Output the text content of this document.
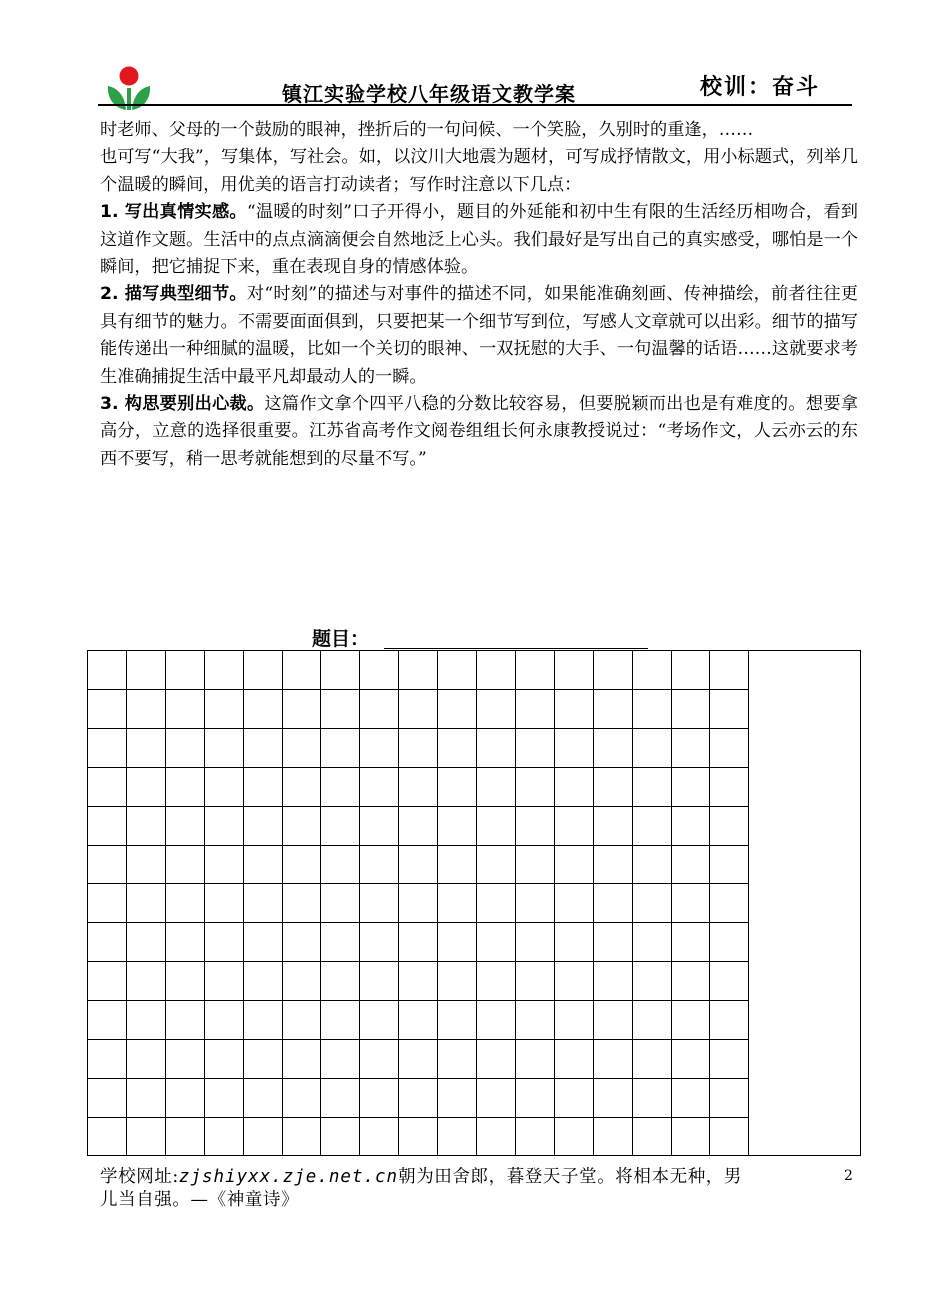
镇江实验学校八年级语文教学案	校训：奋斗

时老师、父母的一个鼓励的眼神，挫折后的一句问候、一个笑脸，久别时的重逢，……

也可写“大我”，写集体，写社会。如，以汶川大地震为题材，可写成抒情散文，用小标题式，列举几个温暖的瞬间，用优美的语言打动读者；写作时注意以下几点：

1. 写出真情实感。“温暖的时刻”口子开得小，题目的外延能和初中生有限的生活经历相吻合，看到这道作文题。生活中的点点滴滴便会自然地泛上心头。我们最好是写出自己的真实感受，哪怕是一个瞬间，把它捕捉下来，重在表现自身的情感体验。

2. 描写典型细节。对“时刻”的描述与对事件的描述不同，如果能准确刻画、传神描绘，前者往往更具有细节的魅力。不需要面面俱到，只要把某一个细节写到位，写感人文章就可以出彩。细节的描写能传递出一种细腻的温暖，比如一个关切的眼神、一双抚慰的大手、一句温馨的话语……这就要求考生准确捕捉生活中最平凡却最动人的一瞬。

3. 构思要别出心裁。这篇作文拿个四平八稳的分数比较容易，但要脱颖而出也是有难度的。想要拿高分，立意的选择很重要。江苏省高考作文阅卷组组长何永康教授说过：“考场作文，人云亦云的东西不要写，稍一思考就能想到的尽量不写。”

题目：
学校网址:zjshiyxx.zje.net.cn朝为田舍郎，暮登天子堂。将相本无种，男儿当自强。—《神童诗》
2
